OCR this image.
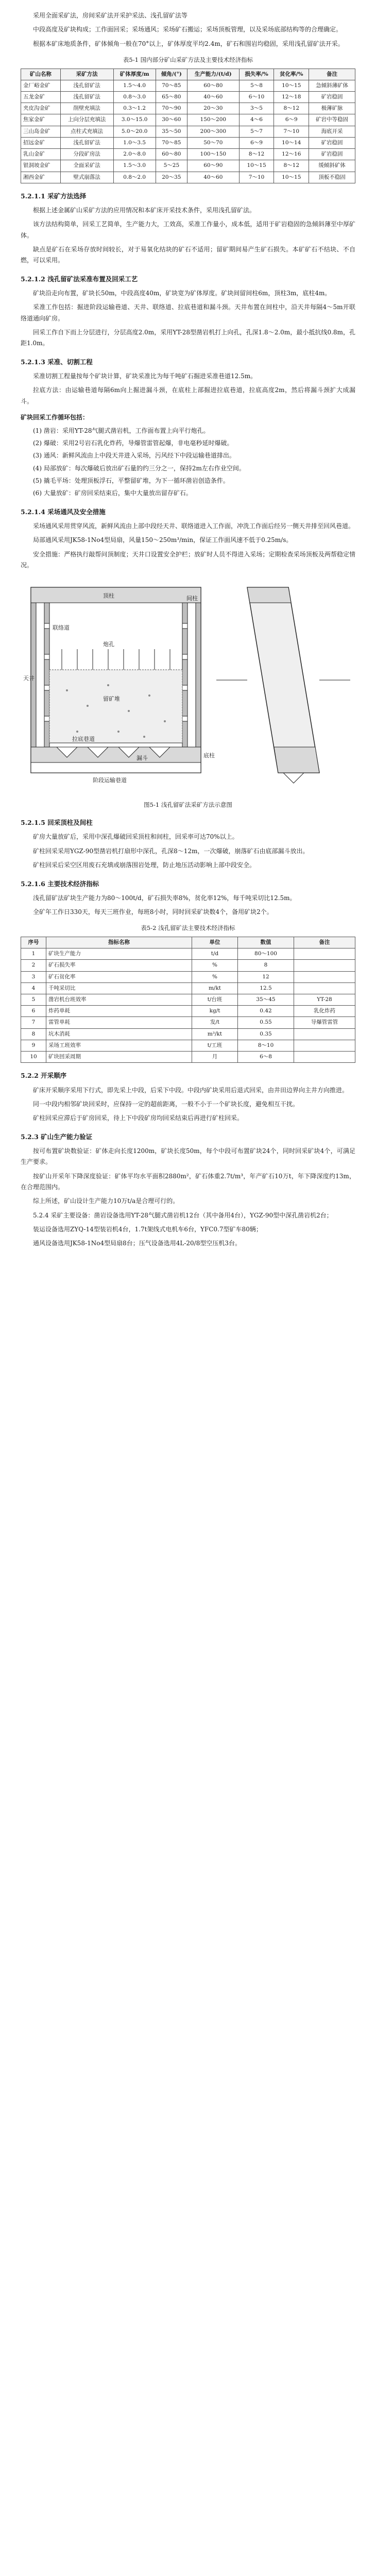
采用全面采矿法，房间采矿法开采护采法、浅孔留矿法等

中段高度及矿块构成；工作面回采；采场通风；采场矿石搬运；采场顶板管理，以及采场底部结构等的合理确定。

根据本矿床地质条件，矿体倾角一般在70°以上，矿体厚度平均2.4m，矿石和围岩均稳固，采用浅孔留矿法开采。

表5-1 国内部分矿山采矿方法及主要技术经济指标
矿山名称	采矿方法	矿体厚度/m	倾角/(°)	生产能力/(t/d)	损失率/%	贫化率/%	备注
金厂峪金矿	浅孔留矿法	1.5～4.0	70～85	60～80	5～8	10～15	急倾斜薄矿体
五龙金矿	浅孔留矿法	0.8～3.0	65～80	40～60	6～10	12～18	矿岩稳固
夹皮沟金矿	削壁充填法	0.3～1.2	70～90	20～30	3～5	8～12	极薄矿脉
焦家金矿	上向分层充填法	3.0～15.0	30～60	150～200	4～6	6～9	矿岩中等稳固
三山岛金矿	点柱式充填法	5.0～20.0	35～50	200～300	5～7	7～10	海底开采
招远金矿	浅孔留矿法	1.0～3.5	70～85	50～70	6～9	10～14	矿岩稳固
乳山金矿	分段矿房法	2.0～8.0	60～80	100～150	8～12	12～16	矿岩稳固
银洞坡金矿	全面采矿法	1.5～3.0	5～25	60～90	10～15	8～12	缓倾斜矿体
湘西金矿	壁式崩落法	0.8～2.0	20～35	40～60	7～10	10～15	顶板不稳固
5.2.1.1 采矿方法选择

根据上述金属矿山采矿方法的应用情况和本矿床开采技术条件，采用浅孔留矿法。

该方法结构简单，回采工艺简单，生产能力大，工效高，采准工作量小，成本低，适用于矿岩稳固的急倾斜薄至中厚矿体。

缺点是矿石在采场存放时间较长，对于易氧化结块的矿石不适用；留矿期间易产生矿石损失。本矿矿石不结块、不自燃，可以采用。

5.2.1.2 浅孔留矿法采准布置及回采工艺

矿块沿走向布置，矿块长50m，中段高度40m，矿块宽为矿体厚度。矿块间留间柱6m，顶柱3m，底柱4m。

采准工作包括：掘进阶段运输巷道、天井、联络道、拉底巷道和漏斗颈。天井布置在间柱中，沿天井每隔4～5m开联络道通向矿房。

回采工作自下而上分层进行，分层高度2.0m，采用YT-28型凿岩机打上向孔，孔深1.8～2.0m，最小抵抗线0.8m，孔距1.0m。

5.2.1.3 采准、切割工程

采准切割工程量按每个矿块计算，矿块采准比为每千吨矿石掘进采准巷道12.5m。

拉底方法：由运输巷道每隔6m向上掘进漏斗颈，在底柱上部掘进拉底巷道，拉底高度2m，然后将漏斗颈扩大成漏斗。

矿块回采工作循环包括：
(1) 凿岩：采用YT-28气腿式凿岩机，工作面布置上向平行炮孔。
(2) 爆破：采用2号岩石乳化炸药，导爆管雷管起爆，非电毫秒延时爆破。
(3) 通风：新鲜风流由上中段天井进入采场，污风经下中段运输巷道排出。
(4) 局部放矿：每次爆破后放出矿石量的约三分之一，保持2m左右作业空间。
(5) 撬毛平场：处理顶板浮石，平整留矿堆，为下一循环凿岩创造条件。
(6) 大量放矿：矿房回采结束后，集中大量放出留存矿石。
5.2.1.4 采场通风及安全措施

采场通风采用贯穿风流，新鲜风流由上部中段经天井、联络道进入工作面，冲洗工作面后经另一侧天井排至回风巷道。

局部通风采用JK58-1No4型局扇，风量150～250m³/min，保证工作面风速不低于0.25m/s。

安全措施：严格执行敲帮问顶制度；天井口设置安全护栏；放矿时人员不得进入采场；定期检查采场顶板及两帮稳定情况。

阶段运输巷道
天井
联络道
顶柱	间柱
底柱
漏斗
留矿堆
拉底巷道
炮孔
图5-1 浅孔留矿法采矿方法示意图
5.2.1.5 回采顶柱及间柱

矿房大量放矿后，采用中深孔爆破回采顶柱和间柱，回采率可达70%以上。

矿柱回采采用YGZ-90型凿岩机打扇形中深孔，孔深8～12m，一次爆破，崩落矿石由底部漏斗放出。

矿柱回采后采空区用废石充填或崩落围岩处理，防止地压活动影响上部中段安全。

5.2.1.6 主要技术经济指标

浅孔留矿法矿块生产能力为80～100t/d，矿石损失率8%，贫化率12%，每千吨采切比12.5m。

全矿年工作日330天，每天三班作业，每班8小时，同时回采矿块数4个，备用矿块2个。

表5-2 浅孔留矿法主要技术经济指标
序号	指标名称	单位	数值	备注
1	矿块生产能力	t/d	80～100	
2	矿石损失率	%	8	
3	矿石贫化率	%	12	
4	千吨采切比	m/kt	12.5	
5	凿岩机台班效率	t/台班	35～45	YT-28
6	炸药单耗	kg/t	0.42	乳化炸药
7	雷管单耗	发/t	0.55	导爆管雷管
8	坑木消耗	m³/kt	0.35	
9	采场工班效率	t/工班	8～10	
10	矿块回采周期	月	6～8	
5.2.2 开采顺序

矿床开采顺序采用下行式，即先采上中段，后采下中段。中段内矿块采用后退式回采，由井田边界向主井方向推进。

同一中段内相邻矿块回采时，应保持一定的超前距离，一般不小于一个矿块长度，避免相互干扰。

矿柱回采应滞后于矿房回采，待上下中段矿房均回采结束后再进行矿柱回采。

5.2.3 矿山生产能力验证

按可布置矿块数验证：矿体走向长度1200m，矿块长度50m，每个中段可布置矿块24个，同时回采矿块4个，可满足生产要求。

按矿山开采年下降深度验证：矿体平均水平面积2880m²，矿石体重2.7t/m³，年产矿石10万t，年下降深度约13m，在合理范围内。

综上所述，矿山设计生产能力10万t/a是合理可行的。

5.2.4 采矿主要设备：凿岩设备选用YT-28气腿式凿岩机12台（其中备用4台），YGZ-90型中深孔凿岩机2台；

装运设备选用ZYQ-14型装岩机4台，1.7t架线式电机车6台，YFC0.7型矿车80辆；

通风设备选用JK58-1No4型局扇8台；压气设备选用4L-20/8型空压机3台。
